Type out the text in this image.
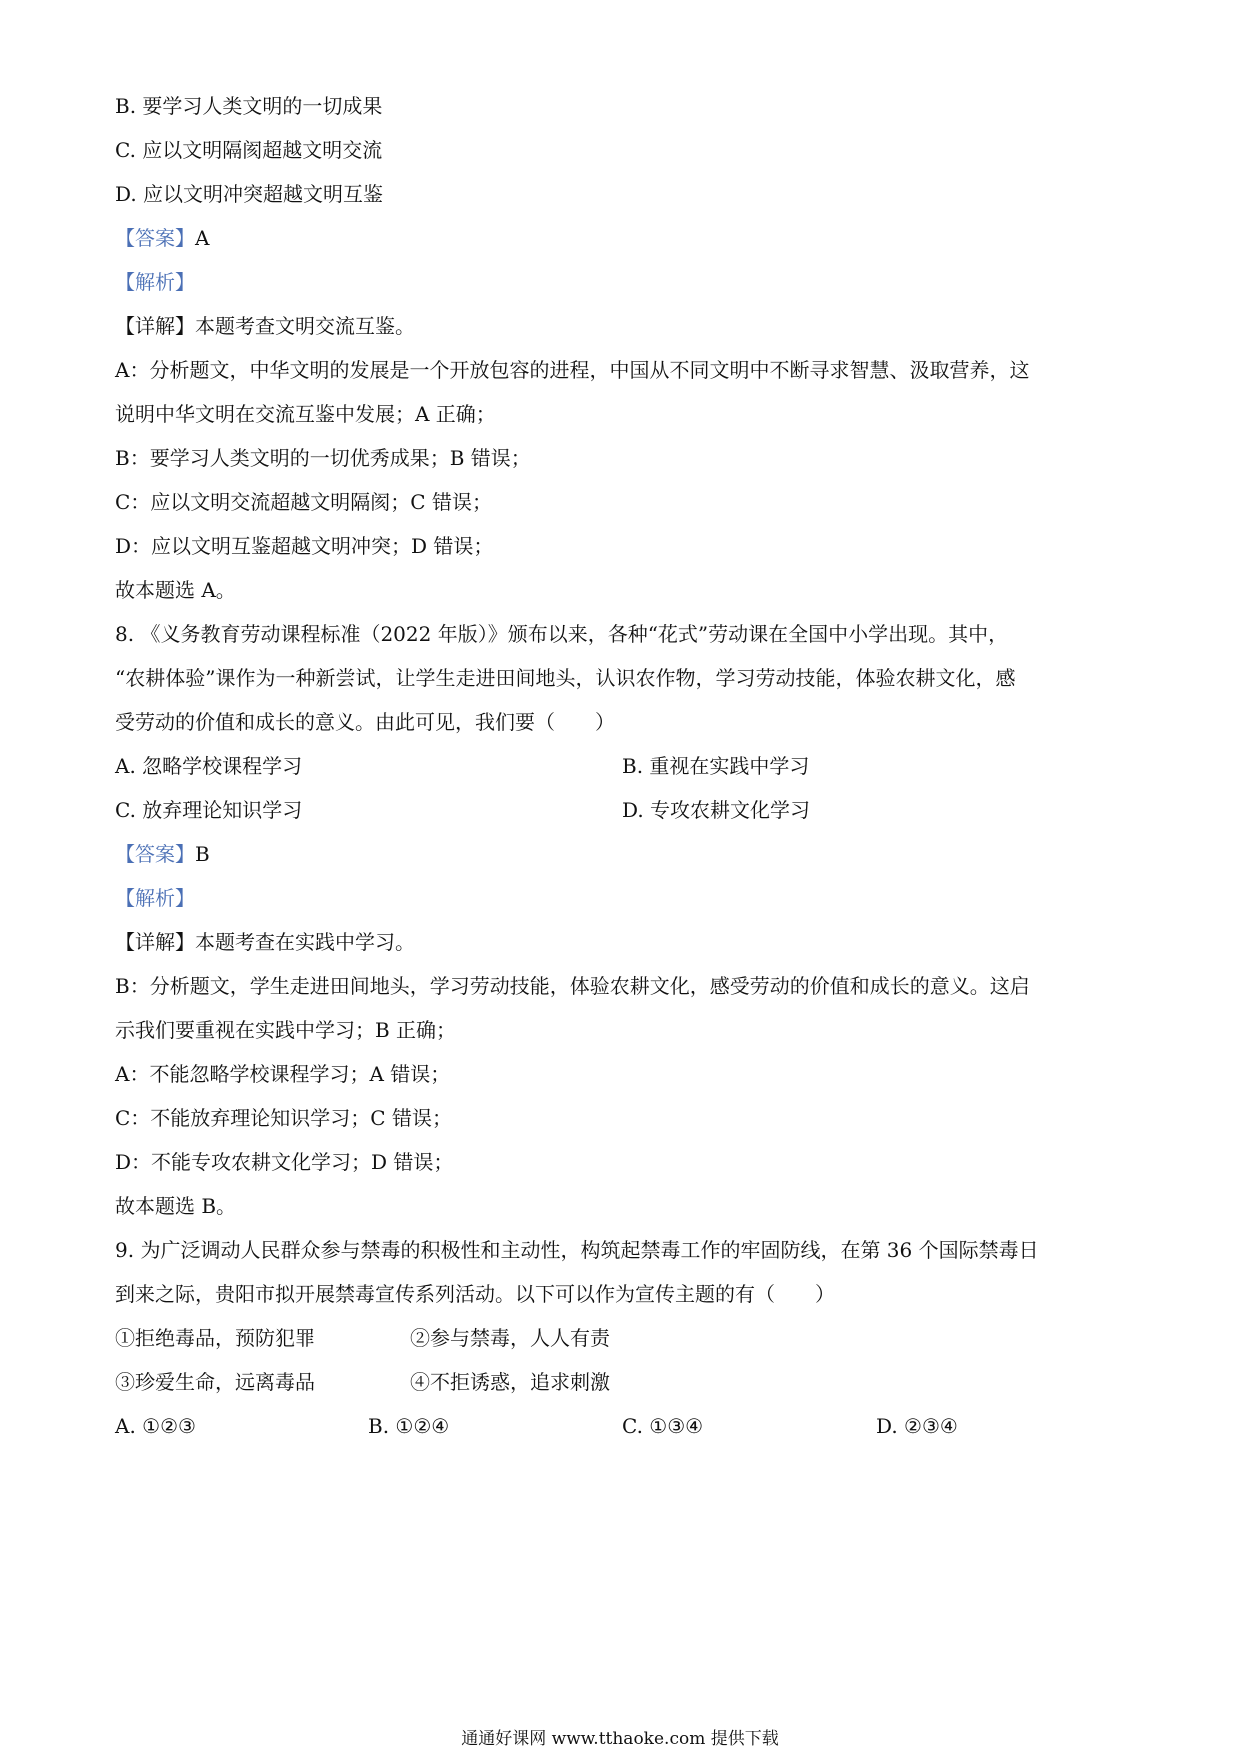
B. 要学习人类文明的一切成果
C. 应以文明隔阂超越文明交流
D. 应以文明冲突超越文明互鉴
【答案】A
【解析】
【详解】本题考查文明交流互鉴。
A：分析题文，中华文明的发展是一个开放包容的进程，中国从不同文明中不断寻求智慧、汲取营养，这
说明中华文明在交流互鉴中发展；A 正确；
B：要学习人类文明的一切优秀成果；B 错误；
C：应以文明交流超越文明隔阂；C 错误；
D：应以文明互鉴超越文明冲突；D 错误；
故本题选 A。
8. 《义务教育劳动课程标准（2022 年版）》颁布以来，各种“花式”劳动课在全国中小学出现。其中，
“农耕体验”课作为一种新尝试，让学生走进田间地头，认识农作物，学习劳动技能，体验农耕文化，感
受劳动的价值和成长的意义。由此可见，我们要（　　）
A. 忽略学校课程学习	B. 重视在实践中学习
C. 放弃理论知识学习	D. 专攻农耕文化学习
【答案】B
【解析】
【详解】本题考查在实践中学习。
B：分析题文，学生走进田间地头，学习劳动技能，体验农耕文化，感受劳动的价值和成长的意义。这启
示我们要重视在实践中学习；B 正确；
A：不能忽略学校课程学习；A 错误；
C：不能放弃理论知识学习；C 错误；
D：不能专攻农耕文化学习；D 错误；
故本题选 B。
9. 为广泛调动人民群众参与禁毒的积极性和主动性，构筑起禁毒工作的牢固防线，在第 36 个国际禁毒日
到来之际，贵阳市拟开展禁毒宣传系列活动。以下可以作为宣传主题的有（　　）
①拒绝毒品，预防犯罪	②参与禁毒，人人有责
③珍爱生命，远离毒品	④不拒诱惑，追求刺激
A. ①②③	B. ①②④	C. ①③④	D. ②③④
通通好课网 www.tthaoke.com 提供下载
